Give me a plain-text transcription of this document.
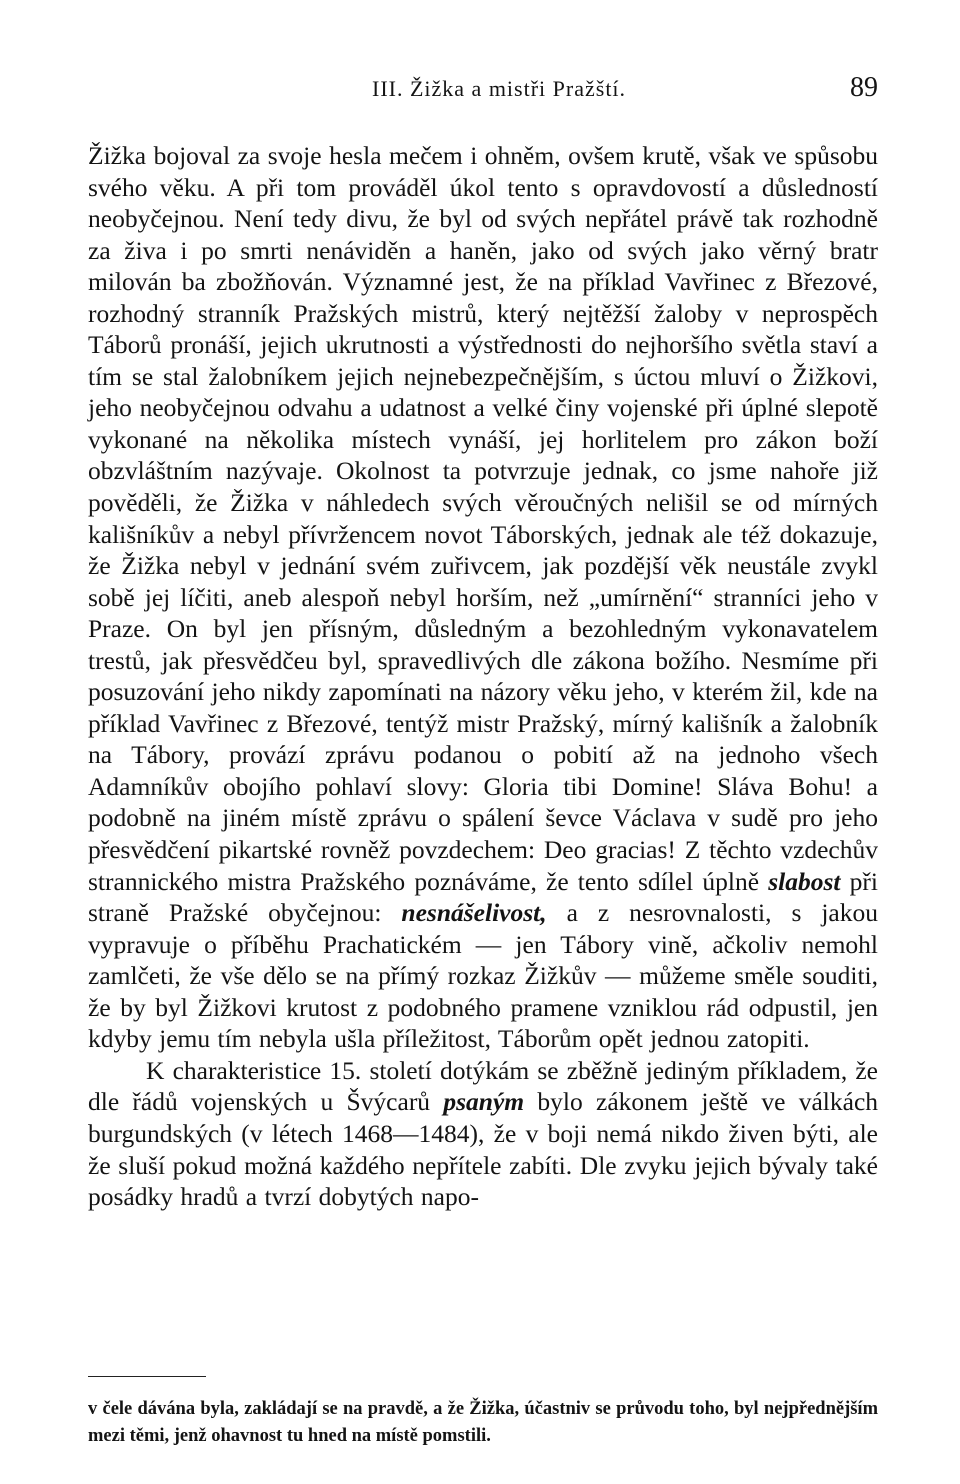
III. Žižka a mistři Pražští.	89

Žižka bojoval za svoje hesla mečem i ohněm, ovšem krutě, však ve spůsobu svého věku. A při tom prováděl úkol tento s opravdovostí a důsledností neobyčejnou. Není tedy divu, že byl od svých nepřátel právě tak rozhodně za živa i po smrti nenáviděn a haněn, jako od svých jako věrný bratr milován ba zbožňován. Významné jest, že na příklad Vavřinec z Březové, rozhodný stranník Pražských mistrů, který nejtěžší žaloby v neprospěch Táborů pronáší, jejich ukrutnosti a výstřednosti do nejhoršího světla staví a tím se stal žalobníkem jejich nejnebezpečnějším, s úctou mluví o Žižkovi, jeho neobyčejnou odvahu a udatnost a velké činy vojenské při úplné slepotě vykonané na několika místech vynáší, jej horlitelem pro zákon boží obzvláštním nazývaje. Okolnost ta potvrzuje jednak, co jsme nahoře již pověděli, že Žižka v náhledech svých věroučných nelišil se od mírných kališníkův a nebyl přívržencem novot Táborských, jednak ale též dokazuje, že Žižka nebyl v jednání svém zuřivcem, jak pozdější věk neustále zvykl sobě jej líčiti, aneb alespoň nebyl horším, než „umírnění“ stranníci jeho v Praze. On byl jen přísným, důsledným a bezohledným vykonavatelem trestů, jak přesvědčeu byl, spravedlivých dle zákona božího. Nesmíme při posuzování jeho nikdy zapomínati na názory věku jeho, v kterém žil, kde na příklad Vavřinec z Březové, tentýž mistr Pražský, mírný kališník a žalobník na Tábory, provází zprávu podanou o pobití až na jednoho všech Adamníkův obojího pohlaví slovy: Gloria tibi Domine! Sláva Bohu! a podobně na jiném místě zprávu o spálení ševce Václava v sudě pro jeho přesvědčení pikartské rovněž povzdechem: Deo gracias! Z těchto vzdechův strannického mistra Pražského poznáváme, že tento sdílel úplně slabost při straně Pražské obyčejnou: nesnášelivost, a z nesrovnalosti, s jakou vypravuje o příběhu Prachatickém — jen Tábory vině, ačkoliv nemohl zamlčeti, že vše dělo se na přímý rozkaz Žižkův — můžeme směle souditi, že by byl Žižkovi krutost z podobného pramene vzniklou rád odpustil, jen kdyby jemu tím nebyla ušla příležitost, Táborům opět jednou zatopiti.

K charakteristice 15. století dotýkám se zběžně jediným příkladem, že dle řádů vojenských u Švýcarů psaným bylo zákonem ještě ve válkách burgundských (v létech 1468—1484), že v boji nemá nikdo živen býti, ale že sluší pokud možná každého nepřítele zabíti. Dle zvyku jejich bývaly také posádky hradů a tvrzí dobytých napo-

v čele dávána byla, zakládají se na pravdě, a že Žižka, účastniv se průvodu toho, byl nejpřednějším mezi těmi, jenž ohavnost tu hned na místě pomstili.
